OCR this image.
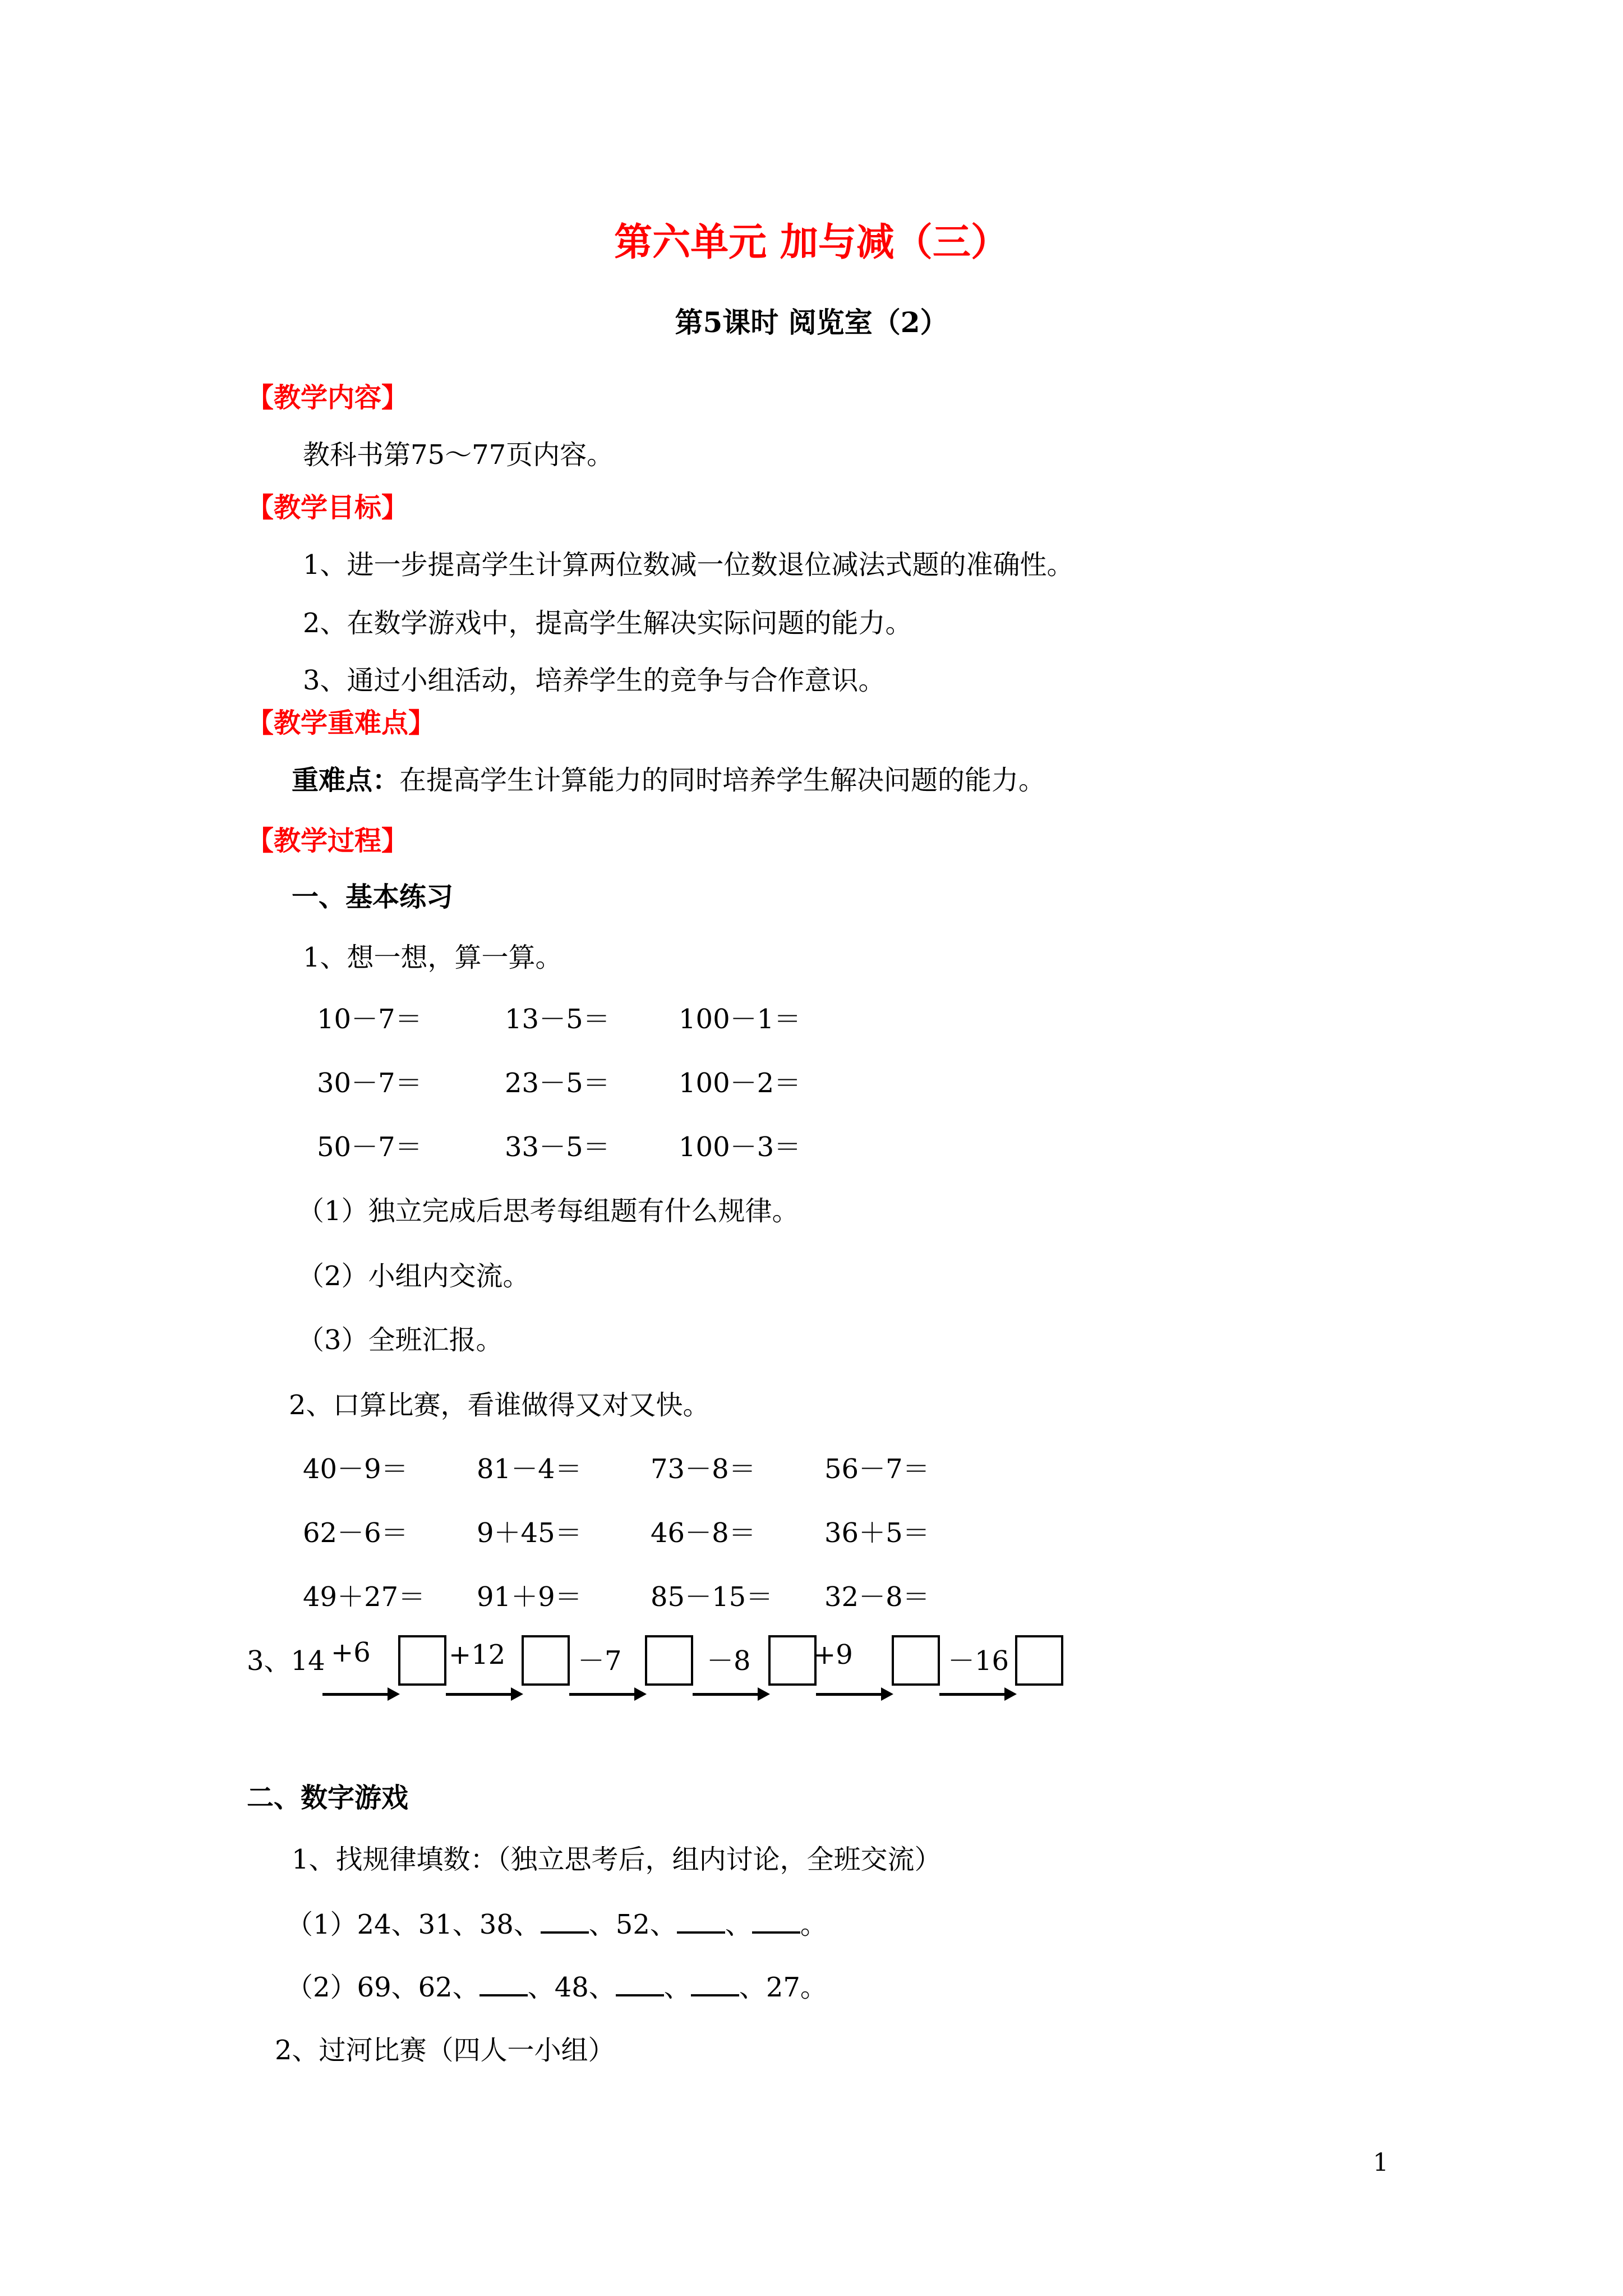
第六单元 加与减（三）
第5课时 阅览室（2）
【教学内容】
教科书第75～77页内容。
【教学目标】
1、进一步提高学生计算两位数减一位数退位减法式题的准确性。
2、在数学游戏中，提高学生解决实际问题的能力。
3、通过小组活动，培养学生的竞争与合作意识。
【教学重难点】
重难点：在提高学生计算能力的同时培养学生解决问题的能力。
【教学过程】
一、基本练习
1、想一想，算一算。
10－7＝	13－5＝	100－1＝
30－7＝	23－5＝	100－2＝
50－7＝	33－5＝	100－3＝
（1）独立完成后思考每组题有什么规律。
（2）小组内交流。
（3）全班汇报。
2、口算比赛，看谁做得又对又快。
40－9＝	81－4＝	73－8＝	56－7＝
62－6＝	9＋45＝	46－8＝	36＋5＝
49＋27＝ 91＋9＝	85－15＝ 32－8＝
3、14 +6	+12	－7	－8 +9	－16
二、数字游戏
1、找规律填数：（独立思考后，组内讨论，全班交流）
（1）24、31、38、 、52、 、 。
（2）69、62、 、48、 、 、27。
2、过河比赛（四人一小组）
1
